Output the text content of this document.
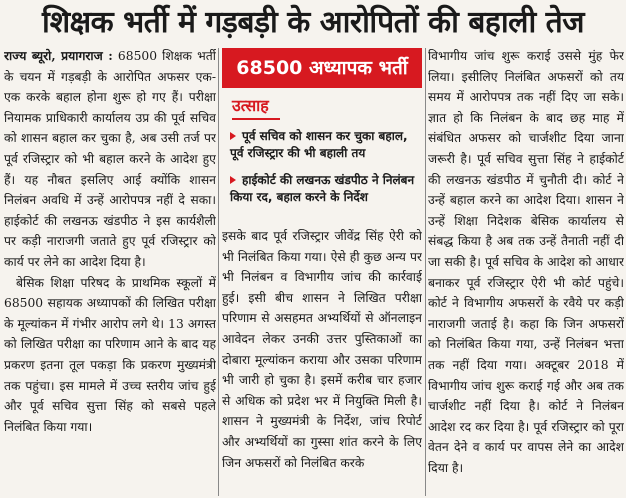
शिक्षक भर्ती में गड़बड़ी के आरोपितों की बहाली तेज

राज्य ब्यूरो, प्रयागराज : 68500 शिक्षक भर्ती के चयन में गड़बड़ी के आरोपित अफसर एक-एक करके बहाल होना शुरू हो गए हैं। परीक्षा नियामक प्राधिकारी कार्यालय उप्र की पूर्व सचिव को शासन बहाल कर चुका है, अब उसी तर्ज पर पूर्व रजिस्ट्रार को भी बहाल करने के आदेश हुए हैं। यह नौबत इसलिए आई क्योंकि शासन निलंबन अवधि में उन्हें आरोपपत्र नहीं दे सका। हाईकोर्ट की लखनऊ खंडपीठ ने इस कार्यशैली पर कड़ी नाराजगी जताते हुए पूर्व रजिस्ट्रार को कार्य पर लेने का आदेश दिया है।

बेसिक शिक्षा परिषद के प्राथमिक स्कूलों में 68500 सहायक अध्यापकों की लिखित परीक्षा के मूल्यांकन में गंभीर आरोप लगे थे। 13 अगस्त को लिखित परीक्षा का परिणाम आने के बाद यह प्रकरण इतना तूल पकड़ा कि प्रकरण मुख्यमंत्री तक पहुंचा। इस मामले में उच्च स्तरीय जांच हुई और पूर्व सचिव सुत्ता सिंह को सबसे पहले निलंबित किया गया।

68500 अध्यापक भर्ती
उत्साह
पूर्व सचिव को शासन कर चुका बहाल, पूर्व रजिस्ट्रार की भी बहाली तय
हाईकोर्ट की लखनऊ खंडपीठ ने निलंबन किया रद, बहाल करने के निर्देश

इसके बाद पूर्व रजिस्ट्रार जीवेंद्र सिंह ऐरी को भी निलंबित किया गया। ऐसे ही कुछ अन्य पर भी निलंबन व विभागीय जांच की कार्रवाई हुई। इसी बीच शासन ने लिखित परीक्षा परिणाम से असहमत अभ्यर्थियों से ऑनलाइन आवेदन लेकर उनकी उत्तर पुस्तिकाओं का दोबारा मूल्यांकन कराया और उसका परिणाम भी जारी हो चुका है। इसमें करीब चार हजार से अधिक को प्रदेश भर में नियुक्ति मिली है। शासन ने मुख्यमंत्री के निर्देश, जांच रिपोर्ट और अभ्यर्थियों का गुस्सा शांत करने के लिए जिन अफसरों को निलंबित करके

विभागीय जांच शुरू कराई उससे मुंह फेर लिया। इसीलिए निलंबित अफसरों को तय समय में आरोपपत्र तक नहीं दिए जा सके। ज्ञात हो कि निलंबन के बाद छह माह में संबंधित अफसर को चार्जशीट दिया जाना जरूरी है। पूर्व सचिव सुत्ता सिंह ने हाईकोर्ट की लखनऊ खंडपीठ में चुनौती दी। कोर्ट ने उन्हें बहाल करने का आदेश दिया। शासन ने उन्हें शिक्षा निदेशक बेसिक कार्यालय से संबद्ध किया है अब तक उन्हें तैनाती नहीं दी जा सकी है। पूर्व सचिव के आदेश को आधार बनाकर पूर्व रजिस्ट्रार ऐरी भी कोर्ट पहुंचे। कोर्ट ने विभागीय अफसरों के रवैये पर कड़ी नाराजगी जताई है। कहा कि जिन अफसरों को निलंबित किया गया, उन्हें निलंबन भत्ता तक नहीं दिया गया। अक्टूबर 2018 में विभागीय जांच शुरू कराई गई और अब तक चार्जशीट नहीं दिया है। कोर्ट ने निलंबन आदेश रद कर दिया है। पूर्व रजिस्ट्रार को पूरा वेतन देने व कार्य पर वापस लेने का आदेश दिया है।
